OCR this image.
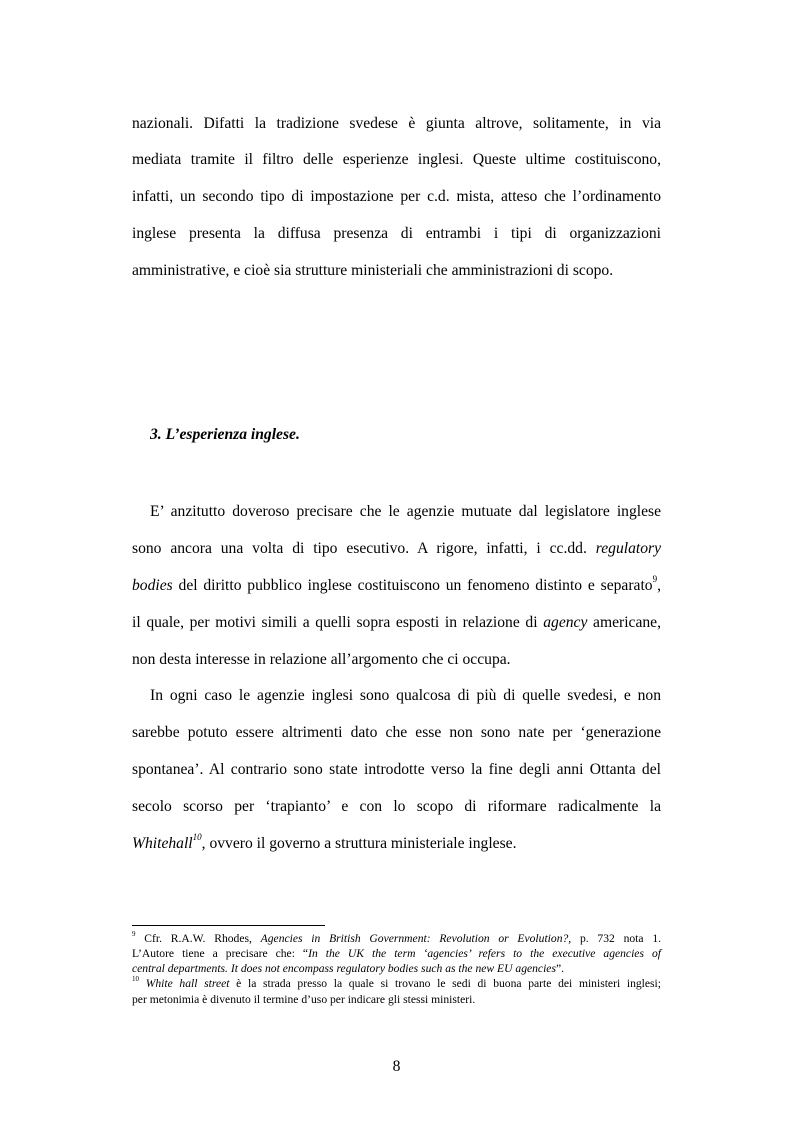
nazionali. Difatti la tradizione svedese è giunta altrove, solitamente, in via
mediata tramite il filtro delle esperienze inglesi. Queste ultime costituiscono,
infatti, un secondo tipo di impostazione per c.d. mista, atteso che l’ordinamento
inglese presenta la diffusa presenza di entrambi i tipi di organizzazioni
amministrative, e cioè sia strutture ministeriali che amministrazioni di scopo.
3. L’esperienza inglese.
E’ anzitutto doveroso precisare che le agenzie mutuate dal legislatore inglese
sono ancora una volta di tipo esecutivo. A rigore, infatti, i cc.dd. regulatory
bodies del diritto pubblico inglese costituiscono un fenomeno distinto e separato$^9$,
il quale, per motivi simili a quelli sopra esposti in relazione di agency americane,
non desta interesse in relazione all’argomento che ci occupa.
In ogni caso le agenzie inglesi sono qualcosa di più di quelle svedesi, e non
sarebbe potuto essere altrimenti dato che esse non sono nate per ‘generazione
spontanea’. Al contrario sono state introdotte verso la fine degli anni Ottanta del
secolo scorso per ‘trapianto’ e con lo scopo di riformare radicalmente la
Whitehall$^{10}$, ovvero il governo a struttura ministeriale inglese.
$^9$ Cfr. R.A.W. Rhodes, Agencies in British Government: Revolution or Evolution?, p. 732 nota 1.
L’Autore tiene a precisare che: “In the UK the term ‘agencies’ refers to the executive agencies of
central departments. It does not encompass regulatory bodies such as the new EU agencies”.
$^{10}$ White hall street è la strada presso la quale si trovano le sedi di buona parte dei ministeri inglesi;
per metonimia è divenuto il termine d’uso per indicare gli stessi ministeri.
8
